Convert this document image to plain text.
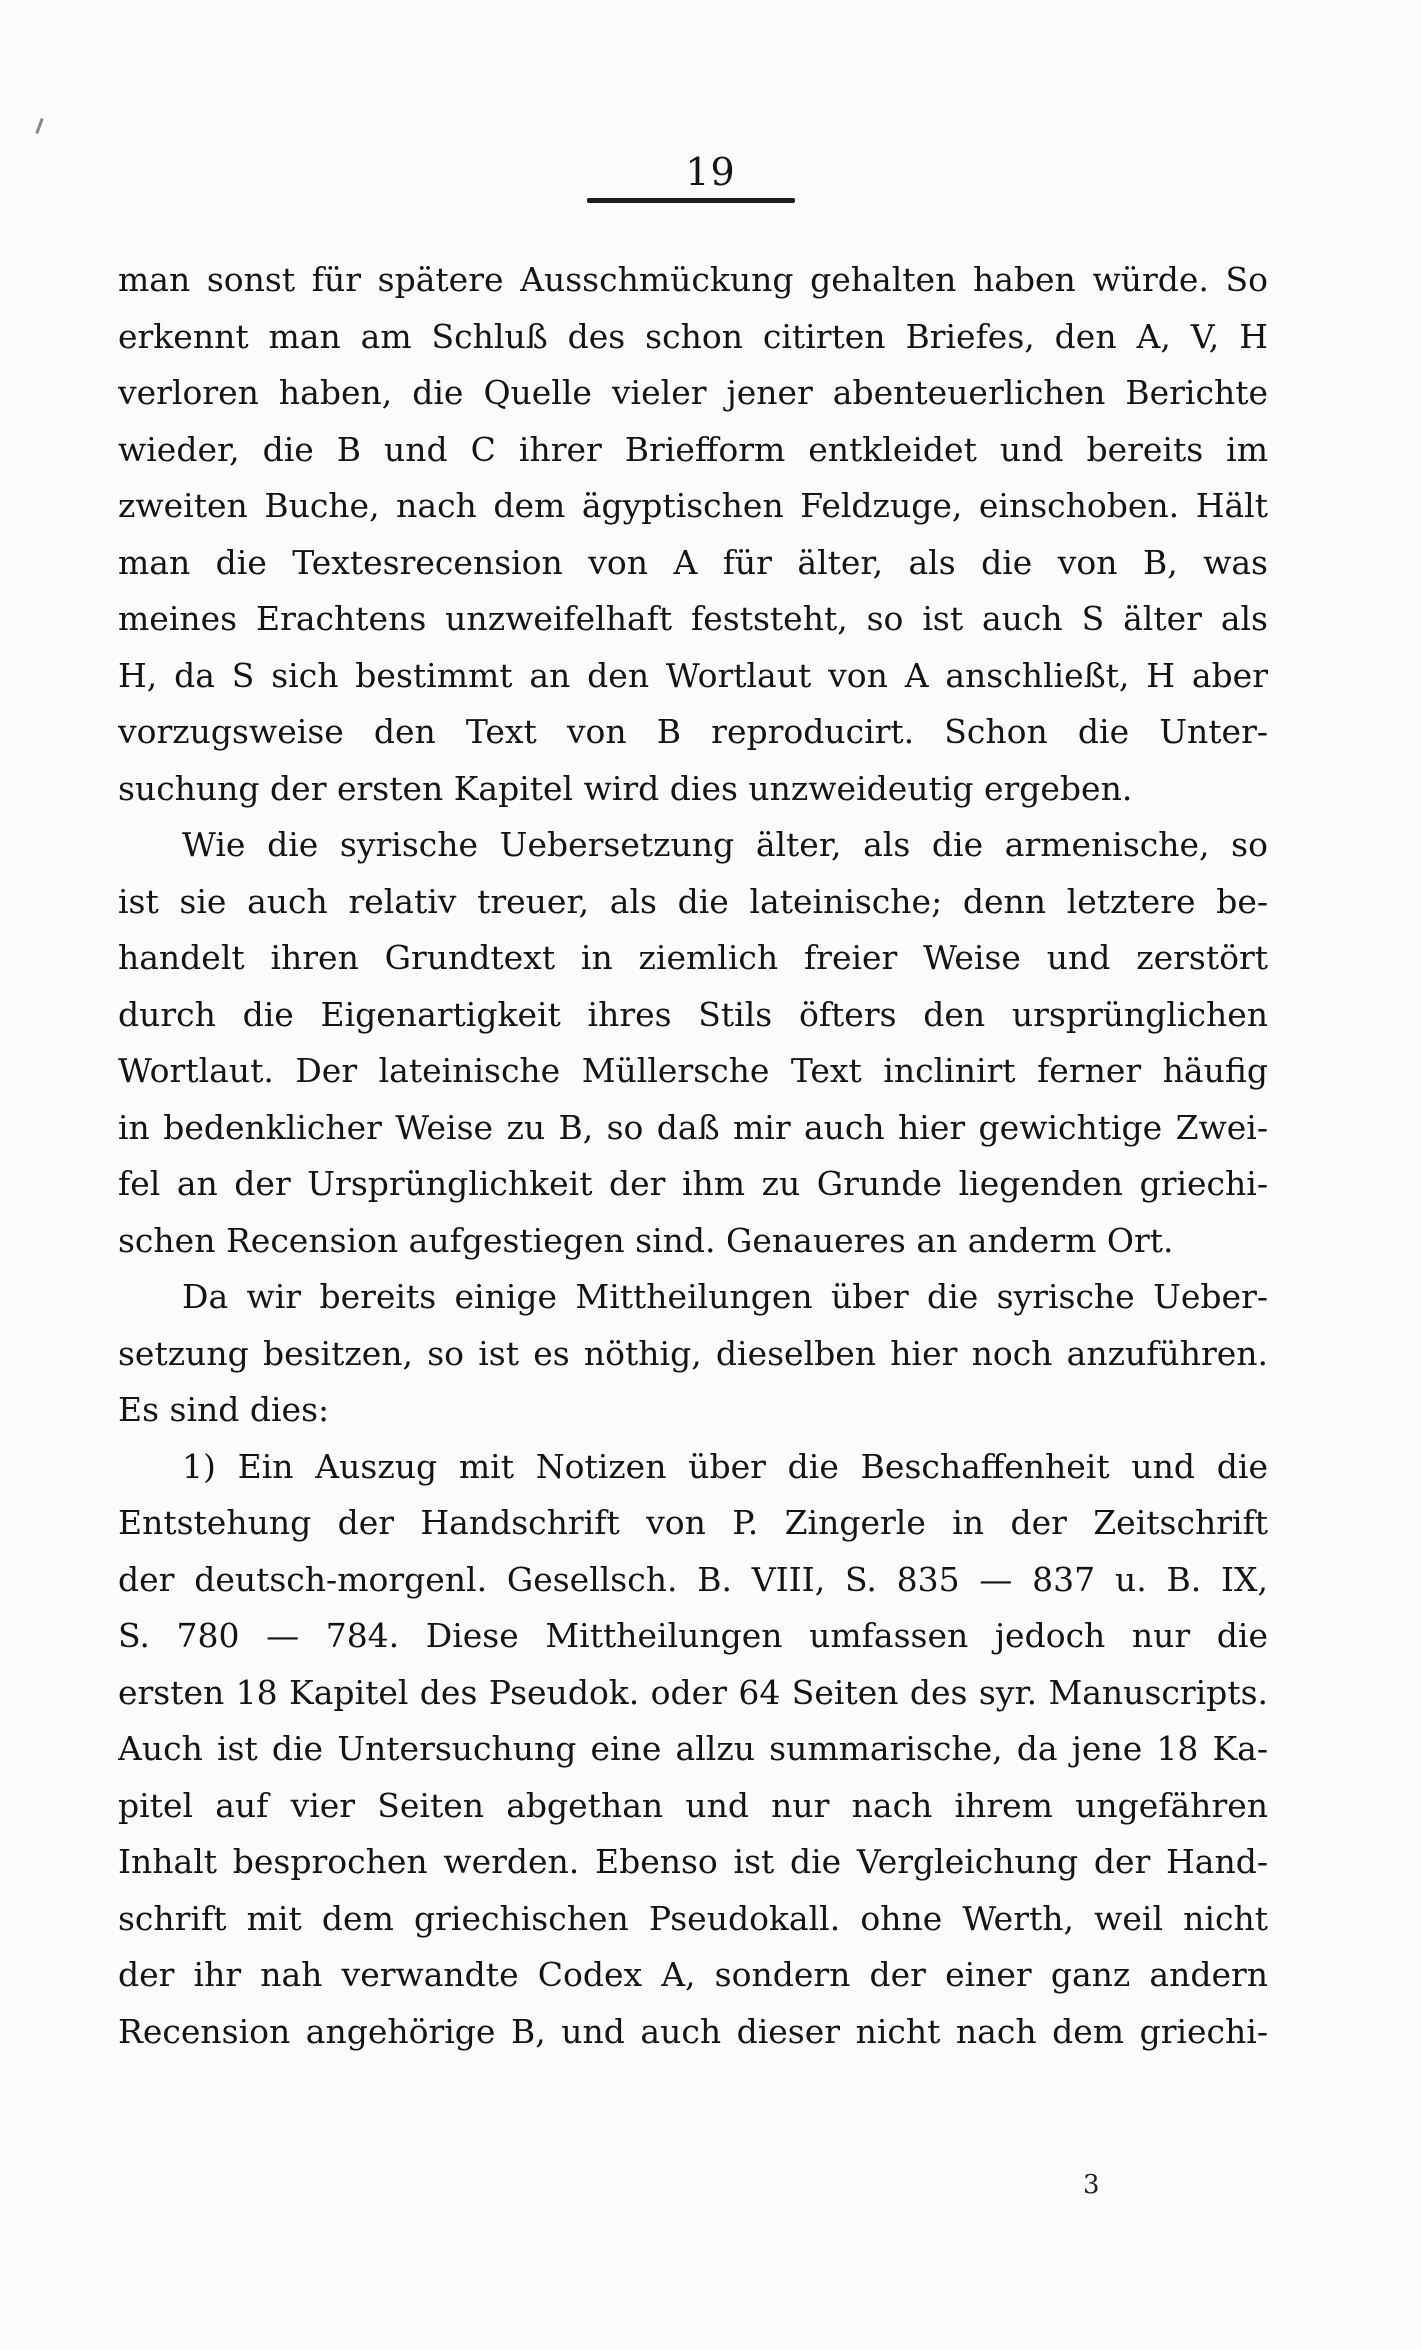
19
man sonst für spätere Ausschmückung gehalten haben würde. So
erkennt man am Schluß des schon citirten Briefes, den A, V, H
verloren haben, die Quelle vieler jener abenteuerlichen Berichte
wieder, die B und C ihrer Briefform entkleidet und bereits im
zweiten Buche, nach dem ägyptischen Feldzuge, einschoben. Hält
man die Textesrecension von A für älter, als die von B, was
meines Erachtens unzweifelhaft feststeht, so ist auch S älter als
H, da S sich bestimmt an den Wortlaut von A anschließt, H aber
vorzugsweise den Text von B reproducirt. Schon die Unter-
suchung der ersten Kapitel wird dies unzweideutig ergeben.
Wie die syrische Uebersetzung älter, als die armenische, so
ist sie auch relativ treuer, als die lateinische; denn letztere be-
handelt ihren Grundtext in ziemlich freier Weise und zerstört
durch die Eigenartigkeit ihres Stils öfters den ursprünglichen
Wortlaut. Der lateinische Müllersche Text inclinirt ferner häufig
in bedenklicher Weise zu B, so daß mir auch hier gewichtige Zwei-
fel an der Ursprünglichkeit der ihm zu Grunde liegenden griechi-
schen Recension aufgestiegen sind. Genaueres an anderm Ort.
Da wir bereits einige Mittheilungen über die syrische Ueber-
setzung besitzen, so ist es nöthig, dieselben hier noch anzuführen.
Es sind dies:
1) Ein Auszug mit Notizen über die Beschaffenheit und die
Entstehung der Handschrift von P. Zingerle in der Zeitschrift
der deutsch-morgenl. Gesellsch. B. VIII, S. 835 — 837 u. B. IX,
S. 780 — 784. Diese Mittheilungen umfassen jedoch nur die
ersten 18 Kapitel des Pseudok. oder 64 Seiten des syr. Manuscripts.
Auch ist die Untersuchung eine allzu summarische, da jene 18 Ka-
pitel auf vier Seiten abgethan und nur nach ihrem ungefähren
Inhalt besprochen werden. Ebenso ist die Vergleichung der Hand-
schrift mit dem griechischen Pseudokall. ohne Werth, weil nicht
der ihr nah verwandte Codex A, sondern der einer ganz andern
Recension angehörige B, und auch dieser nicht nach dem griechi-
3
